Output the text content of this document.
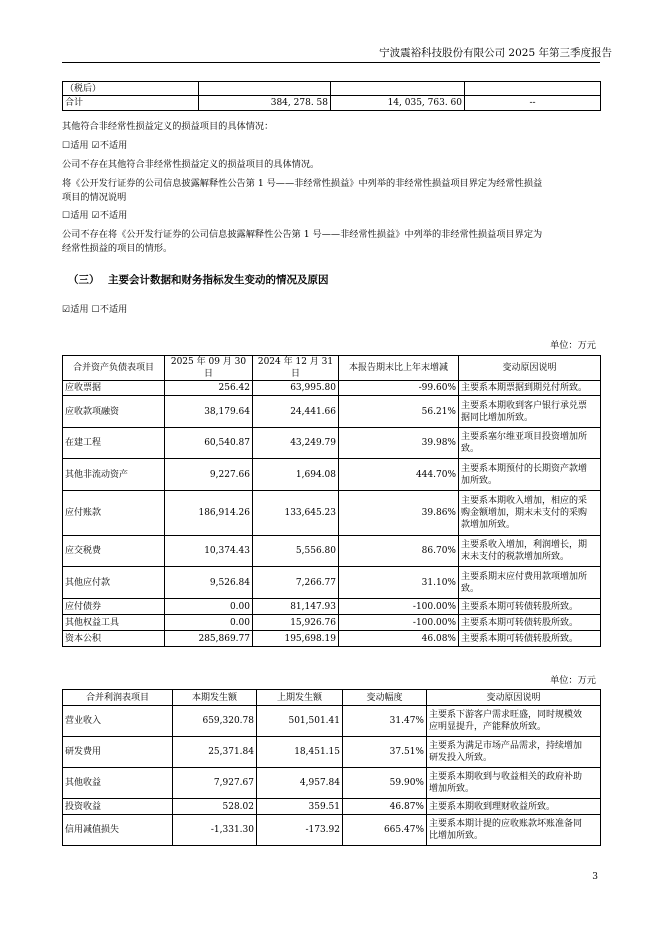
宁波震裕科技股份有限公司 2025 年第三季度报告
（税后）			
合计	384, 278. 58	14, 035, 763. 60	--
其他符合非经常性损益定义的损益项目的具体情况：
☐适用 ☑不适用
公司不存在其他符合非经常性损益定义的损益项目的具体情况。
将《公开发行证券的公司信息披露解释性公告第 1 号——非经常性损益》中列举的非经常性损益项目界定为经常性损益
项目的情况说明
☐适用 ☑不适用
公司不存在将《公开发行证券的公司信息披露解释性公告第 1 号——非经常性损益》中列举的非经常性损益项目界定为
经常性损益的项目的情形。
（三） 主要会计数据和财务指标发生变动的情况及原因
☑适用 ☐不适用
单位：万元
合并资产负债表项目	2025 年 09 月 30 日	2024 年 12 月 31 日	本报告期末比上年末增减	变动原因说明
应收票据	256.42	63,995.80	-99.60%	主要系本期票据到期兑付所致。

应收款项融资	38,179.64	24,441.66	56.21%	主要系本期收到客户银行承兑票
据同比增加所致。

在建工程	60,540.87	43,249.79	39.98%	主要系塞尔维亚项目投资增加所
致。

其他非流动资产	9,227.66	1,694.08	444.70%	主要系本期预付的长期资产款增
加所致。

应付账款	186,914.26	133,645.23	39.86%	主要系本期收入增加，相应的采
购金额增加，期末未支付的采购
款增加所致。

应交税费	10,374.43	5,556.80	86.70%	主要系收入增加，利润增长，期
末未支付的税款增加所致。

其他应付款	9,526.84	7,266.77	31.10%	主要系期末应付费用款项增加所
致。

应付债券	0.00	81,147.93	-100.00%	主要系本期可转债转股所致。

其他权益工具	0.00	15,926.76	-100.00%	主要系本期可转债转股所致。

资本公积	285,869.77	195,698.19	46.08%	主要系本期可转债转股所致。
单位：万元
合并利润表项目	本期发生额	上期发生额	变动幅度	变动原因说明
营业收入	659,320.78	501,501.41	31.47%	主要系下游客户需求旺盛，同时规模效
应明显提升，产能释放所致。

研发费用	25,371.84	18,451.15	37.51%	主要系为满足市场产品需求，持续增加
研发投入所致。

其他收益	7,927.67	4,957.84	59.90%	主要系本期收到与收益相关的政府补助
增加所致。

投资收益	528.02	359.51	46.87%	主要系本期收到理财收益所致。

信用减值损失	-1,331.30	-173.92	665.47%	主要系本期计提的应收账款坏账准备同
比增加所致。
3
